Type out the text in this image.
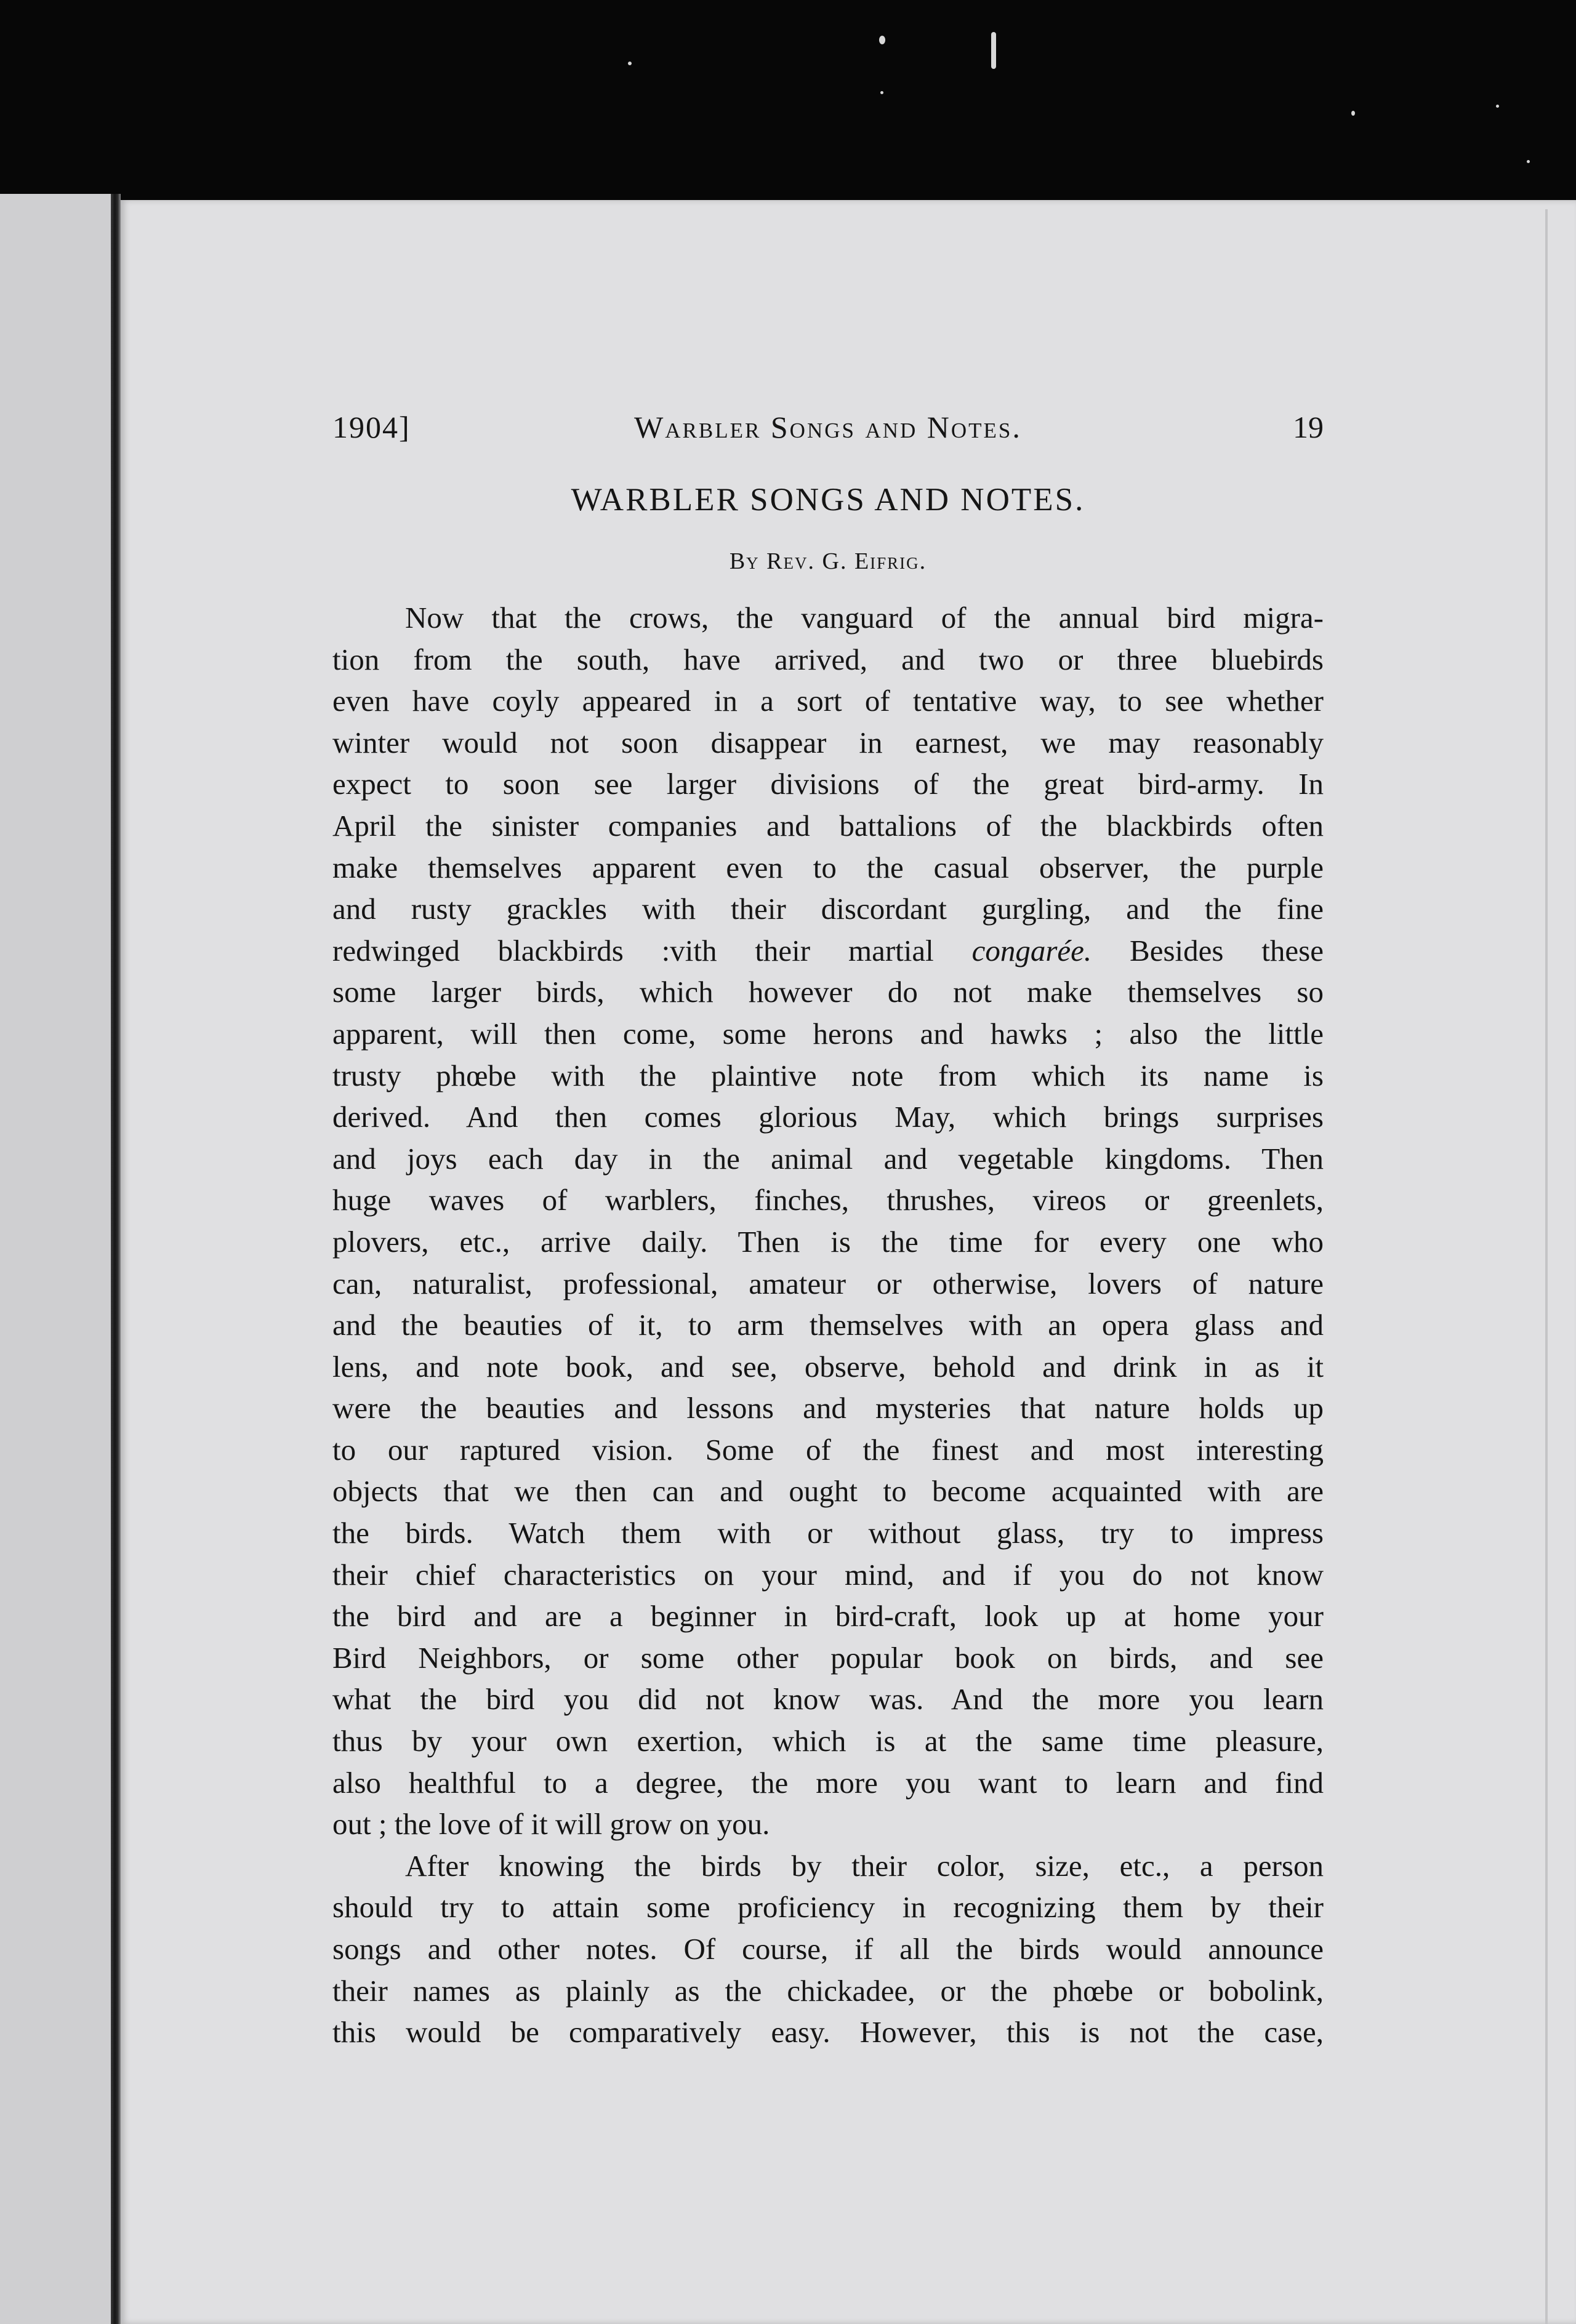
1904]	Warbler Songs and Notes.	19
WARBLER SONGS AND NOTES.
By Rev. G. Eifrig.
Now that the crows, the vanguard of the annual bird migra-
tion from the south, have arrived, and two or three bluebirds
even have coyly appeared in a sort of tentative way, to see whether
winter would not soon disappear in earnest, we may reasonably
expect to soon see larger divisions of the great bird-army. In
April the sinister companies and battalions of the blackbirds often
make themselves apparent even to the casual observer, the purple
and rusty grackles with their discordant gurgling, and the fine
redwinged blackbirds :vith their martial congarée. Besides these
some larger birds, which however do not make themselves so
apparent, will then come, some herons and hawks ; also the little
trusty phœbe with the plaintive note from which its name is
derived. And then comes glorious May, which brings surprises
and joys each day in the animal and vegetable kingdoms. Then
huge waves of warblers, finches, thrushes, vireos or greenlets,
plovers, etc., arrive daily. Then is the time for every one who
can, naturalist, professional, amateur or otherwise, lovers of nature
and the beauties of it, to arm themselves with an opera glass and
lens, and note book, and see, observe, behold and drink in as it
were the beauties and lessons and mysteries that nature holds up
to our raptured vision. Some of the finest and most interesting
objects that we then can and ought to become acquainted with are
the birds. Watch them with or without glass, try to impress
their chief characteristics on your mind, and if you do not know
the bird and are a beginner in bird-craft, look up at home your
Bird Neighbors, or some other popular book on birds, and see
what the bird you did not know was. And the more you learn
thus by your own exertion, which is at the same time pleasure,
also healthful to a degree, the more you want to learn and find
out ; the love of it will grow on you.
After knowing the birds by their color, size, etc., a person
should try to attain some proficiency in recognizing them by their
songs and other notes. Of course, if all the birds would announce
their names as plainly as the chickadee, or the phœbe or bobolink,
this would be comparatively easy. However, this is not the case,
